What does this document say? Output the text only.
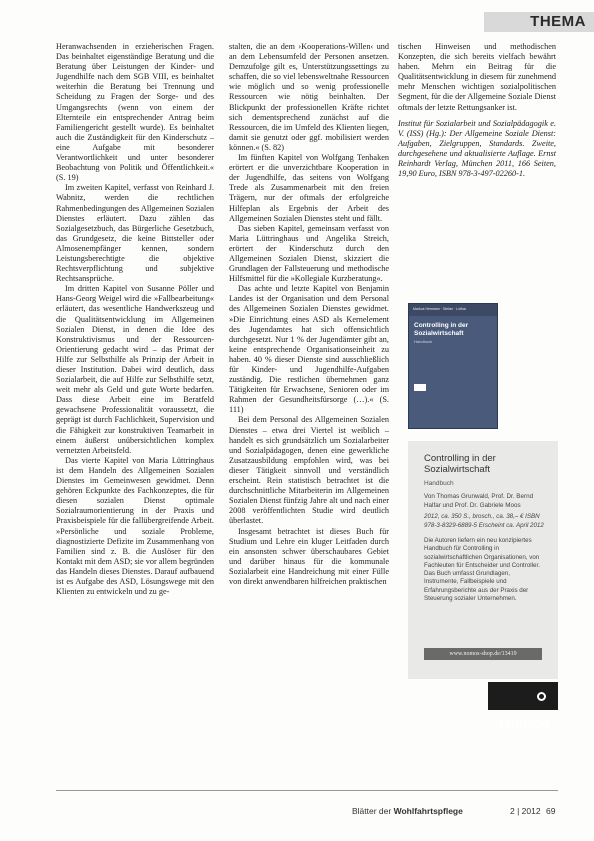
THEMA

Heranwachsenden in erzieherischen Fragen. Das beinhaltet eigenständige Beratung und die Beratung über Leistungen der Kinder- und Jugendhilfe nach dem SGB VIII, es beinhaltet weiterhin die Beratung bei Trennung und Scheidung zu Fragen der Sorge- und des Umgangsrechts (wenn von einem der Elternteile ein entsprechender Antrag beim Familiengericht gestellt wurde). Es beinhaltet auch die Zuständigkeit für den Kinderschutz – eine Aufgabe mit besonderer Verantwortlichkeit und unter besonderer Beobachtung von Politik und Öffentlichkeit.« (S. 19)

Im zweiten Kapitel, verfasst von Reinhard J. Wabnitz, werden die rechtlichen Rahmenbedingungen des Allgemeinen Sozialen Dienstes erläutert. Dazu zählen das Sozialgesetzbuch, das Bürgerliche Gesetzbuch, das Grundgesetz, die keine Bittsteller oder Almosenempfänger kennen, sondern Leistungsberechtigte die objektive Rechtsverpflichtung und subjektive Rechtsansprüche.

Im dritten Kapitel von Susanne Pöller und Hans-Georg Weigel wird die »Fallbearbeitung« erläutert, das wesentliche Handwerkszeug und die Qualitätsentwicklung im Allgemeinen Sozialen Dienst, in denen die Idee des Konstruktivismus und der Ressourcen-Orientierung gedacht wird – das Primat der Hilfe zur Selbsthilfe als Prinzip der Arbeit in dieser Institution. Dabei wird deutlich, dass Sozialarbeit, die auf Hilfe zur Selbsthilfe setzt, weit mehr als Geld und gute Worte bedarfen. Dass diese Arbeit eine im Beratfeld gewachsene Professionalität voraussetzt, die geprägt ist durch Fachlichkeit, Supervision und die Fähigkeit zur konstruktiven Teamarbeit in einem äußerst unübersichtlichen komplex vernetzten Arbeitsfeld.

Das vierte Kapitel von Maria Lüttringhaus ist dem Handeln des Allgemeinen Sozialen Dienstes im Gemeinwesen gewidmet. Denn gehören Eckpunkte des Fachkonzeptes, die für diesen sozialen Dienst optimale Sozialraumorientierung in der Praxis und Praxisbeispiele für die fallübergreifende Arbeit. »Persönliche und soziale Probleme, diagnostizierte Defizite im Zusammenhang von Familien sind z. B. die Auslöser für den Kontakt mit dem ASD; sie vor allem begründen das Handeln dieses Dienstes. Darauf aufbauend ist es Aufgabe des ASD, Lösungswege mit den Klienten zu entwickeln und zu ge-

stalten, die an dem ›Kooperations-Willen‹ und an dem Lebensumfeld der Personen ansetzen. Demzufolge gilt es, Unterstützungssettings zu schaffen, die so viel lebensweltnahe Ressourcen wie möglich und so wenig professionelle Ressourcen wie nötig beinhalten. Der Blickpunkt der professionellen Kräfte richtet sich dementsprechend zunächst auf die Ressourcen, die im Umfeld des Klienten liegen, damit sie genutzt oder ggf. mobilisiert werden können.« (S. 82)

Im fünften Kapitel von Wolfgang Tenhaken erörtert er die unverzichtbare Kooperation in der Jugendhilfe, das seitens von Wolfgang Trede als Zusammenarbeit mit den freien Trägern, nur der oftmals der erfolgreiche Hilfeplan als Ergebnis der Arbeit des Allgemeinen Sozialen Dienstes steht und fällt.

Das sieben Kapitel, gemeinsam verfasst von Maria Lüttringhaus und Angelika Streich, erörtert der Kinderschutz durch den Allgemeinen Sozialen Dienst, skizziert die Grundlagen der Fallsteuerung und methodische Hilfsmittel für die »Kollegiale Kurzberatung«.

Das achte und letzte Kapitel von Benjamin Landes ist der Organisation und dem Personal des Allgemeinen Sozialen Dienstes gewidmet. »Die Einrichtung eines ASD als Kernelement des Jugendamtes hat sich offensichtlich durchgesetzt. Nur 1 % der Jugendämter gibt an, keine entsprechende Organisationseinheit zu haben. 40 % dieser Dienste sind ausschließlich für Kinder- und Jugendhilfe-Aufgaben zuständig. Die restlichen übernehmen ganz Tätigkeiten für Erwachsene, Senioren oder im Rahmen der Gesundheitsfürsorge (…).« (S. 111)

Bei dem Personal des Allgemeinen Sozialen Dienstes – etwa drei Viertel ist weiblich – handelt es sich grundsätzlich um Sozialarbeiter und Sozialpädagogen, denen eine gewerkliche Zusatzausbildung empfohlen wird, was bei dieser Tätigkeit sinnvoll und verständlich erscheint. Rein statistisch betrachtet ist die durchschnittliche Mitarbeiterin im Allgemeinen Sozialen Dienst fünfzig Jahre alt und nach einer 2008 veröffentlichten Studie wird deutlich überlastet.

Insgesamt betrachtet ist dieses Buch für Studium und Lehre ein kluger Leitfaden durch ein ansonsten schwer überschaubares Gebiet und darüber hinaus für die kommunale Sozialarbeit eine Handreichung mit einer Fülle von direkt anwendbaren hilfreichen praktischen

tischen Hinweisen und methodischen Konzepten, die sich bereits vielfach bewährt haben. Mehrn ein Beitrag für die Qualitätsentwicklung in diesem für zunehmend mehr Menschen wichtigen sozialpolitischen Segment, für die der Allgemeine Soziale Dienst oftmals der letzte Rettungsanker ist.

Institut für Sozialarbeit und Sozialpädagogik e. V. (ISS) (Hg.): Der Allgemeine Soziale Dienst: Aufgaben, Zielgruppen, Standards. Zweite, durchgesehene und aktualisierte Auflage. Ernst Reinhardt Verlag, München 2011, 166 Seiten, 19,90 Euro, ISBN 978-3-497-02260-1.

Markus Hermann · Stefan · Lothar
Controlling in der Sozialwirtschaft
Handbuch
Controlling in der Sozialwirtschaft
Handbuch
Von Thomas Grunwald, Prof. Dr. Bernd Halfar und Prof. Dr. Gabriele Moos
2012, ca. 350 S., brosch., ca. 38,– € ISBN 978-3-8329-6889-5 Erscheint ca. April 2012
Die Autoren liefern ein neu konzipiertes Handbuch für Controlling in sozialwirtschaftlichen Organisationen, von Fachleuten für Entscheider und Controller. Das Buch umfasst Grundlagen, Instrumente, Fallbeispiele und Erfahrungsberichte aus der Praxis der Steuerung sozialer Unternehmen.
www.nomos-shop.de/13419
Nomos
Blätter der Wohlfahrtspflege	2 | 2012 69
